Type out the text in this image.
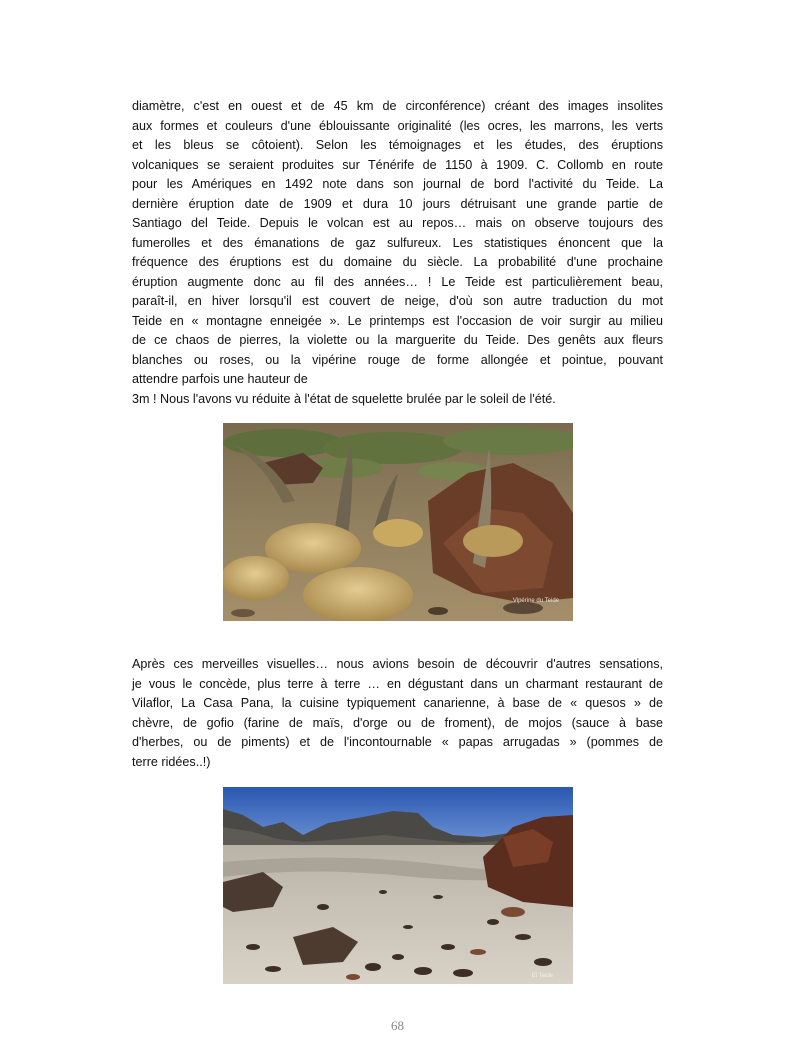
diamètre, c'est en ouest et de 45 km de circonférence) créant des images insolites
aux formes et couleurs d'une éblouissante originalité (les ocres, les marrons, les verts
et les bleus se côtoient). Selon les témoignages et les études, des éruptions
volcaniques se seraient produites sur Ténérife de 1150 à 1909. C. Collomb en route
pour les Amériques en 1492 note dans son journal de bord l'activité du Teide. La
dernière éruption date de 1909 et dura 10 jours détruisant une grande partie de
Santiago del Teide. Depuis le volcan est au repos… mais on observe toujours des
fumerolles et des émanations de gaz sulfureux. Les statistiques énoncent que la
fréquence des éruptions est du domaine du siècle. La probabilité d'une prochaine
éruption augmente donc au fil des années… ! Le Teide est particulièrement beau,
paraît-il, en hiver lorsqu'il est couvert de neige, d'où son autre traduction du mot
Teide en « montagne enneigée ». Le printemps est l'occasion de voir surgir au milieu
de ce chaos de pierres, la violette ou la marguerite du Teide. Des genêts aux fleurs
blanches ou roses, ou la vipérine rouge de forme allongée et pointue, pouvant
attendre parfois une hauteur de
3m ! Nous l'avons vu réduite à l'état de squelette brulée par le soleil de l'été.
Vipérine du Teide
Après ces merveilles visuelles… nous avions besoin de découvrir d'autres sensations,
je vous le concède, plus terre à terre … en dégustant dans un charmant restaurant de
Vilaflor, La Casa Pana, la cuisine typiquement canarienne, à base de « quesos » de
chèvre, de gofio (farine de maïs, d'orge ou de froment), de mojos (sauce à base
d'herbes, ou de piments) et de l'incontournable « papas arrugadas » (pommes de
terre ridées..!)
El Teide
68
